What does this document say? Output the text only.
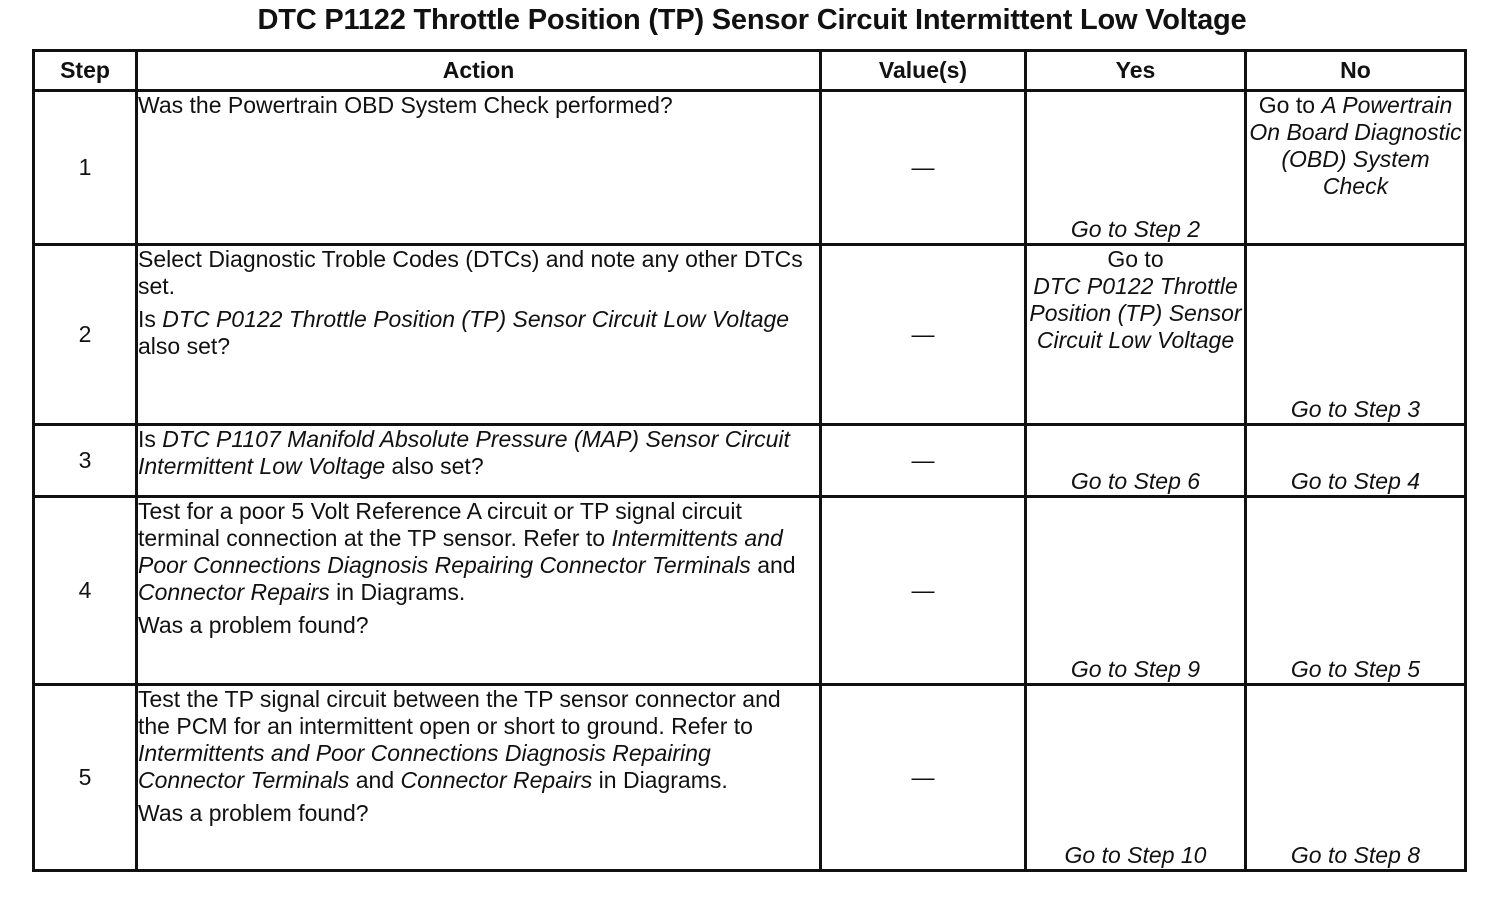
DTC P1122 Throttle Position (TP) Sensor Circuit Intermittent Low Voltage
Step	Action	Value(s)	Yes	No
1	Was the Powertrain OBD System Check performed?	—	Go to Step 2	Go to A Powertrain On Board Diagnostic (OBD) System Check
2	Select Diagnostic Troble Codes (DTCs) and note any other DTCs set.
Is DTC P0122 Throttle Position (TP) Sensor Circuit Low Voltage also set?	—	Go to
DTC P0122 Throttle Position (TP) Sensor Circuit Low Voltage	Go to Step 3
3	Is DTC P1107 Manifold Absolute Pressure (MAP) Sensor Circuit Intermittent Low Voltage also set?	—	Go to Step 6	Go to Step 4
4	Test for a poor 5 Volt Reference A circuit or TP signal circuit terminal connection at the TP sensor. Refer to Intermittents and Poor Connections Diagnosis Repairing Connector Terminals and Connector Repairs in Diagrams.
Was a problem found?	—	Go to Step 9	Go to Step 5
5	Test the TP signal circuit between the TP sensor connector and the PCM for an intermittent open or short to ground. Refer to Intermittents and Poor Connections Diagnosis Repairing Connector Terminals and Connector Repairs in Diagrams.
Was a problem found?	—	Go to Step 10	Go to Step 8
